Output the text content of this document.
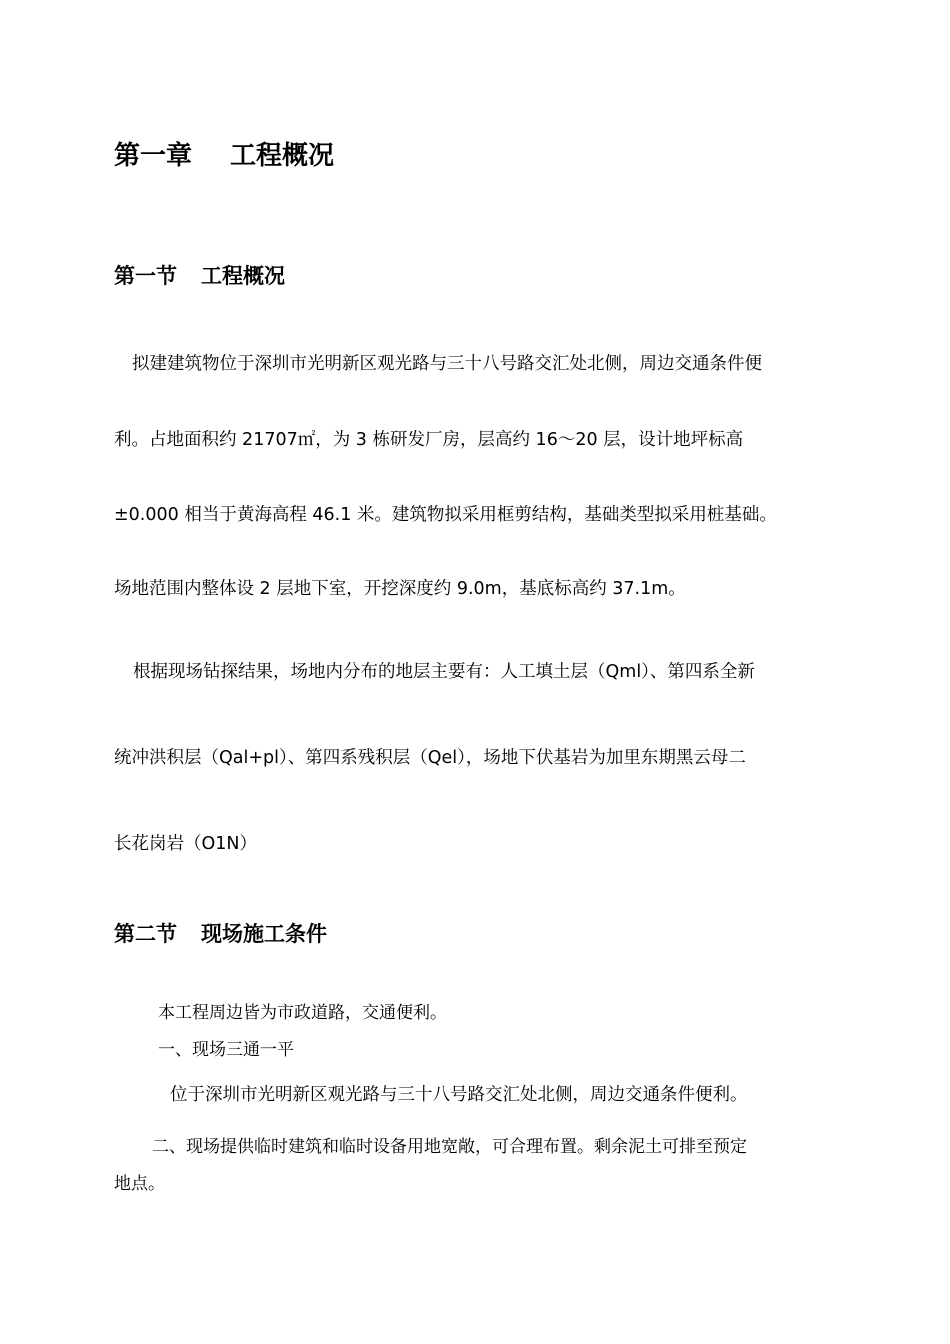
第一章 工程概况
第一节 工程概况

拟建建筑物位于深圳市光明新区观光路与三十八号路交汇处北侧，周边交通条件便

利。占地面积约 21707㎡，为 3 栋研发厂房，层高约 16～20 层，设计地坪标高

±0.000 相当于黄海高程 46.1 米。建筑物拟采用框剪结构，基础类型拟采用桩基础。

场地范围内整体设 2 层地下室，开挖深度约 9.0m，基底标高约 37.1m。

根据现场钻探结果，场地内分布的地层主要有：人工填土层（Qml）、第四系全新

统冲洪积层（Qal+pl）、第四系残积层（Qel），场地下伏基岩为加里东期黑云母二

长花岗岩（O1N）

第二节 现场施工条件

本工程周边皆为市政道路，交通便利。

一、现场三通一平

位于深圳市光明新区观光路与三十八号路交汇处北侧，周边交通条件便利。

二、现场提供临时建筑和临时设备用地宽敞，可合理布置。剩余泥土可排至预定

地点。
